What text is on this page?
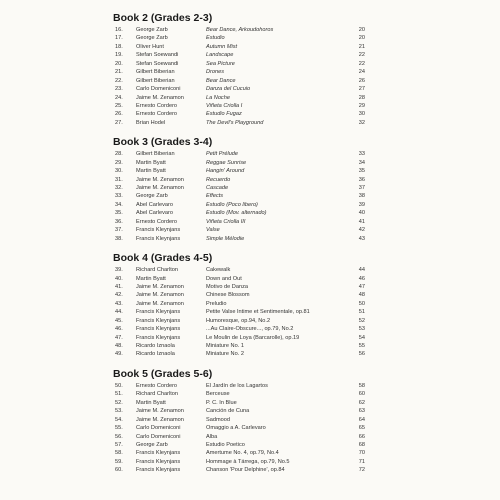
Book 2 (Grades 2-3)
16. George Zarb	Bear Dance, Arkoudohoros	20
17. George Zarb	Estudio	20
18. Oliver Hunt	Autumn Mist	21
19. Stefan Soewandi	Landscape	22
20. Stefan Soewandi	Sea Picture	22
21. Gilbert Biberian	Drones	24
22. Gilbert Biberian	Bear Dance	26
23. Carlo Domeniconi	Danza del Cucuio	27
24. Jaime M. Zenamon	La Noche	28
25. Ernesto Cordero	Viñeta Criolla I	29
26. Ernesto Cordero	Estudio Fugaz	30
27. Brian Hodel	The Devil's Playground	32
Book 3 (Grades 3-4)
28. Gilbert Biberian	Petit Prélude	33
29. Martin Byatt	Reggae Sunrise	34
30. Martin Byatt	Hangin' Around	35
31. Jaime M. Zenamon	Recuerdo	36
32. Jaime M. Zenamon	Cascade	37
33. George Zarb	Effects	38
34. Abel Carlevaro	Estudio (Poco libero)	39
35. Abel Carlevaro	Estudio (Mov. alternado)	40
36. Ernesto Cordero	Viñeta Criolla III	41
37. Francis Kleynjans	Valse	42
38. Francis Kleynjans	Simple Mélodie	43
Book 4 (Grades 4-5)
39. Richard Charlton	Cakewalk	44
40. Martin Byatt	Down and Out	46
41. Jaime M. Zenamon	Motivo de Danza	47
42. Jaime M. Zenamon	Chinese Blossom	48
43. Jaime M. Zenamon	Preludio	50
44. Francis Kleynjans	Petite Valse Intime et Sentimentale, op.81	51
45. Francis Kleynjans	Humoresque, op.94, No.2	52
46. Francis Kleynjans	...Au Claire-Obscure..., op.79, No.2	53
47. Francis Kleynjans	Le Moulin de Loya (Barcarolle), op.19	54
48. Ricardo Iznaola	Miniature No. 1	55
49. Ricardo Iznaola	Miniature No. 2	56
Book 5 (Grades 5-6)
50. Ernesto Cordero	El Jardín de los Lagartos	58
51. Richard Charlton	Berceuse	60
52. Martin Byatt	P. C. In Blue	62
53. Jaime M. Zenamon	Canción de Cuna	63
54. Jaime M. Zenamon	Sadmood	64
55. Carlo Domeniconi	Omaggio a A. Carlevaro	65
56. Carlo Domeniconi	Alba	66
57. George Zarb	Estudio Poetico	68
58. Francis Kleynjans	Amertume No. 4, op.79, No.4	70
59. Francis Kleynjans	Hommage à Tárrega, op.79, No.5	71
60. Francis Kleynjans	Chanson 'Pour Delphine', op.84	72
